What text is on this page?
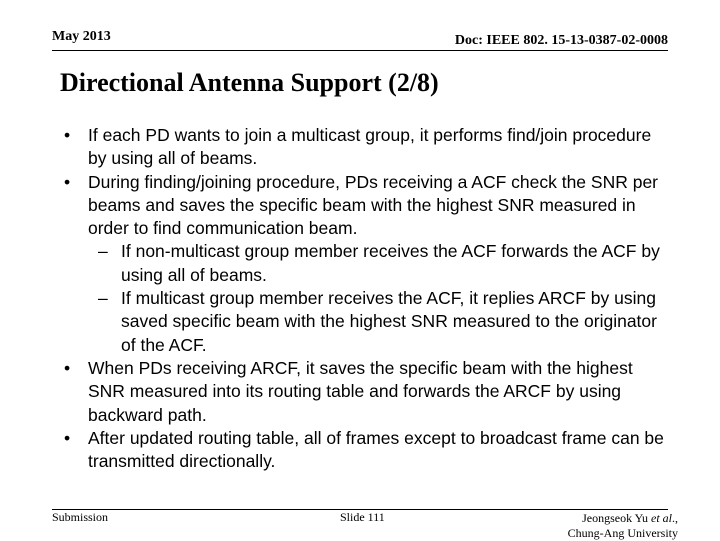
May 2013	Doc: IEEE 802. 15-13-0387-02-0008
Directional Antenna Support (2/8)
• If each PD wants to join a multicast group, it performs find/join procedure by using all of beams.
• During finding/joining procedure, PDs receiving a ACF check the SNR per beams and saves the specific beam with the highest SNR measured in order to find communication beam.
– If non-multicast group member receives the ACF forwards the ACF by using all of beams.
– If multicast group member receives the ACF, it replies ARCF by using saved specific beam with the highest SNR measured to the originator of the ACF.
• When PDs receiving ARCF, it saves the specific beam with the highest SNR measured into its routing table and forwards the ARCF by using backward path.
• After updated routing table, all of frames except to broadcast frame can be transmitted directionally.
Submission	Slide 111	Jeongseok Yu et al.,
Chung-Ang University
